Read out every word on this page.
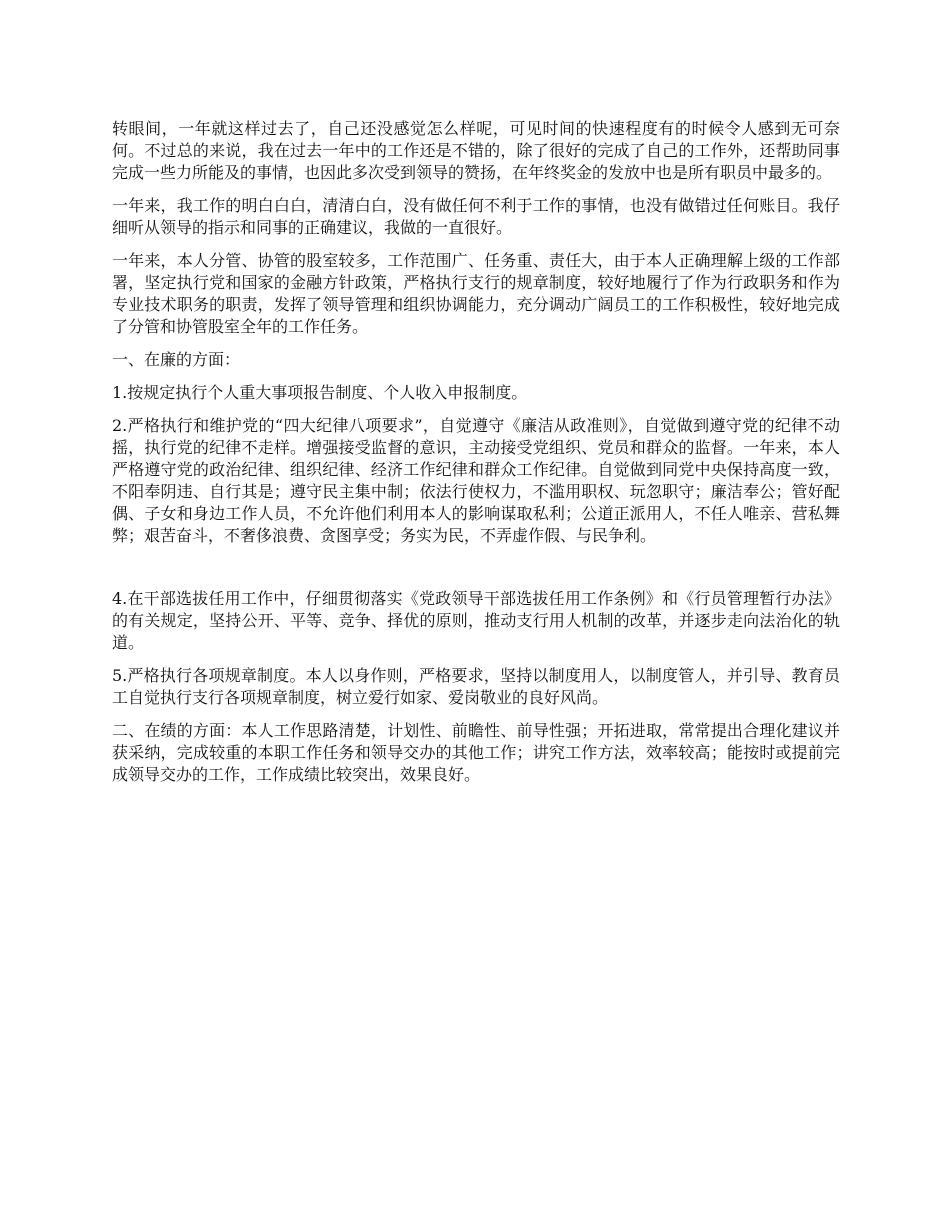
转眼间，一年就这样过去了，自己还没感觉怎么样呢，可见时间的快速程度有的时候令人感到无可奈何。不过总的来说，我在过去一年中的工作还是不错的，除了很好的完成了自己的工作外，还帮助同事完成一些力所能及的事情，也因此多次受到领导的赞扬，在年终奖金的发放中也是所有职员中最多的。

一年来，我工作的明白白白，清清白白，没有做任何不利于工作的事情，也没有做错过任何账目。我仔细听从领导的指示和同事的正确建议，我做的一直很好。

一年来，本人分管、协管的股室较多，工作范围广、任务重、责任大，由于本人正确理解上级的工作部署，坚定执行党和国家的金融方针政策，严格执行支行的规章制度，较好地履行了作为行政职务和作为专业技术职务的职责，发挥了领导管理和组织协调能力，充分调动广阔员工的工作积极性，较好地完成了分管和协管股室全年的工作任务。

一、在廉的方面：

1.按规定执行个人重大事项报告制度、个人收入申报制度。

2.严格执行和维护党的“四大纪律八项要求”，自觉遵守《廉洁从政准则》，自觉做到遵守党的纪律不动摇，执行党的纪律不走样。增强接受监督的意识，主动接受党组织、党员和群众的监督。一年来，本人严格遵守党的政治纪律、组织纪律、经济工作纪律和群众工作纪律。自觉做到同党中央保持高度一致，不阳奉阴违、自行其是；遵守民主集中制；依法行使权力，不滥用职权、玩忽职守；廉洁奉公；管好配偶、子女和身边工作人员，不允许他们利用本人的影响谋取私利；公道正派用人，不任人唯亲、营私舞弊；艰苦奋斗，不奢侈浪费、贪图享受；务实为民，不弄虚作假、与民争利。

4.在干部选拔任用工作中，仔细贯彻落实《党政领导干部选拔任用工作条例》和《行员管理暂行办法》的有关规定，坚持公开、平等、竞争、择优的原则，推动支行用人机制的改革，并逐步走向法治化的轨道。

5.严格执行各项规章制度。本人以身作则，严格要求，坚持以制度用人，以制度管人，并引导、教育员工自觉执行支行各项规章制度，树立爱行如家、爱岗敬业的良好风尚。

二、在绩的方面：本人工作思路清楚，计划性、前瞻性、前导性强；开拓进取，常常提出合理化建议并获采纳，完成较重的本职工作任务和领导交办的其他工作；讲究工作方法，效率较高；能按时或提前完成领导交办的工作，工作成绩比较突出，效果良好。
